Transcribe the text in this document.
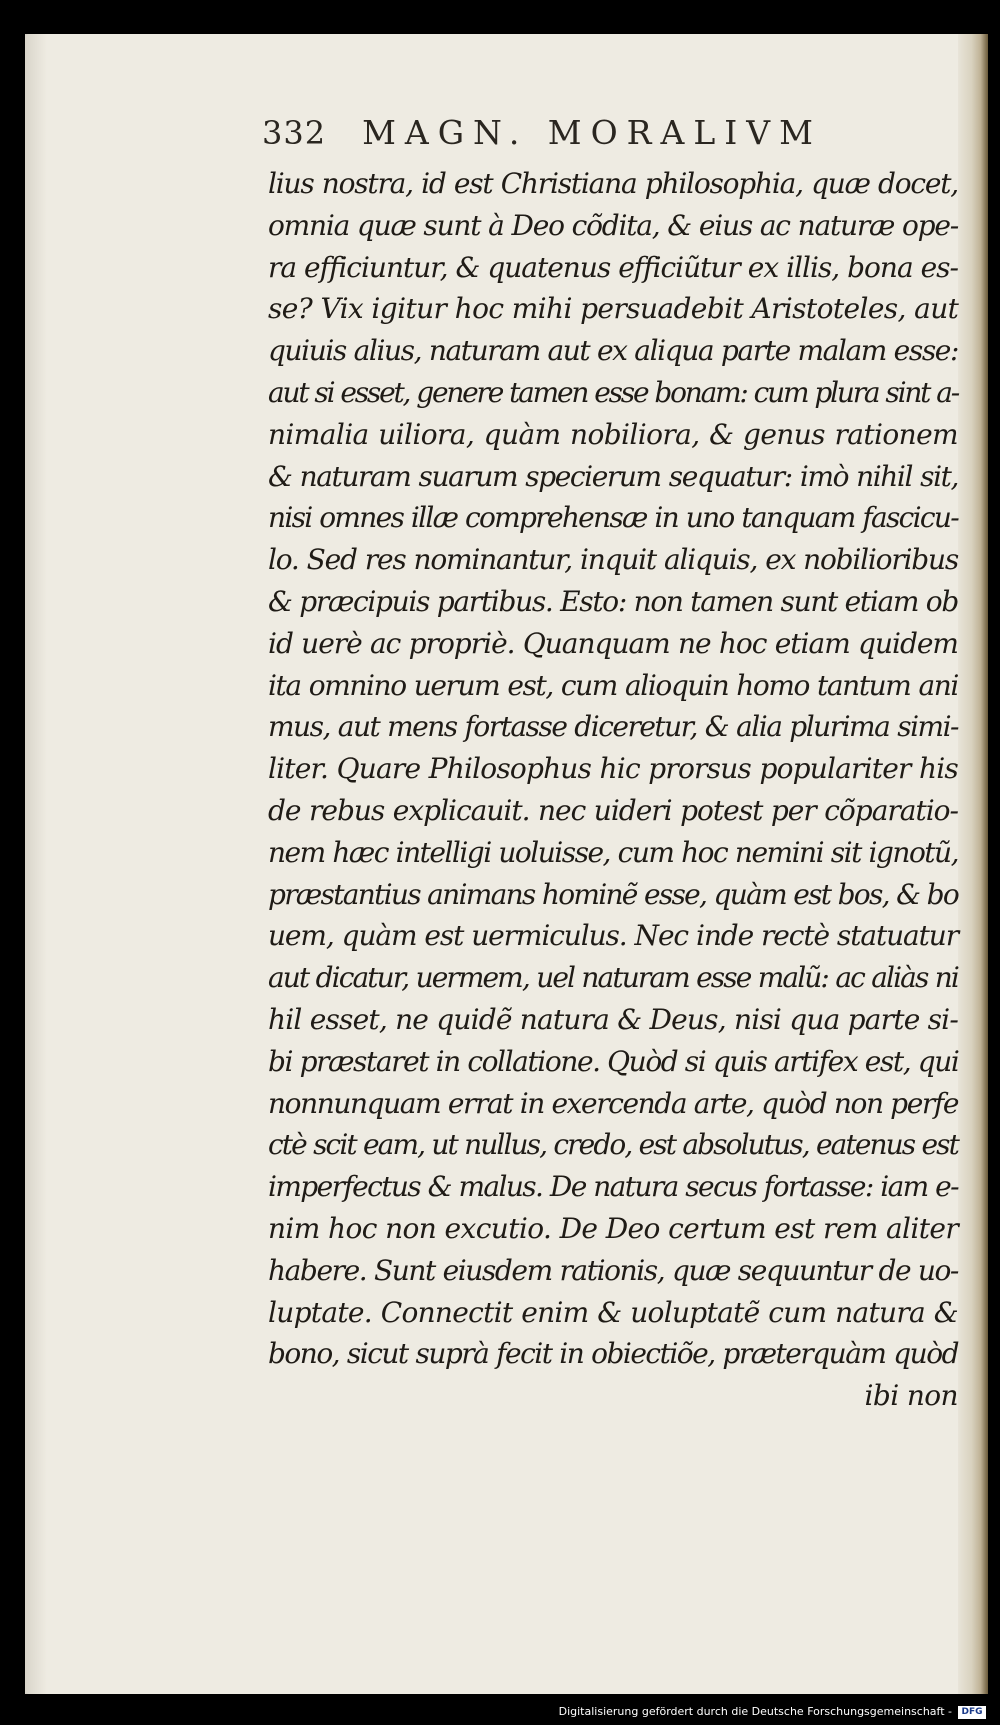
332 MAGN. MORALIVM
lius nostra, id est Christiana philosophia, quæ docet,
omnia quæ sunt à Deo cõdita, & eius ac naturæ ope-
ra efficiuntur, & quatenus efficiũtur ex illis, bona es-
se? Vix igitur hoc mihi persuadebit Aristoteles, aut
quiuis alius, naturam aut ex aliqua parte malam esse:
aut si esset, genere tamen esse bonam: cum plura sint a-
nimalia uiliora, quàm nobiliora, & genus rationem
& naturam suarum specierum sequatur: imò nihil sit,
nisi omnes illæ comprehensæ in uno tanquam fascicu-
lo. Sed res nominantur, inquit aliquis, ex nobilioribus
& præcipuis partibus. Esto: non tamen sunt etiam ob
id uerè ac propriè. Quanquam ne hoc etiam quidem
ita omnino uerum est, cum alioquin homo tantum ani
mus, aut mens fortasse diceretur, & alia plurima simi-
liter. Quare Philosophus hic prorsus populariter his
de rebus explicauit. nec uideri potest per cõparatio-
nem hæc intelligi uoluisse, cum hoc nemini sit ignotũ,
præstantius animans hominẽ esse, quàm est bos, & bo
uem, quàm est uermiculus. Nec inde rectè statuatur
aut dicatur, uermem, uel naturam esse malũ: ac aliàs ni
hil esset, ne quidẽ natura & Deus, nisi qua parte si-
bi præstaret in collatione. Quòd si quis artifex est, qui
nonnunquam errat in exercenda arte, quòd non perfe
ctè scit eam, ut nullus, credo, est absolutus, eatenus est
imperfectus & malus. De natura secus fortasse: iam e-
nim hoc non excutio. De Deo certum est rem aliter
habere. Sunt eiusdem rationis, quæ sequuntur de uo-
luptate. Connectit enim & uoluptatẽ cum natura &
bono, sicut suprà fecit in obiectiõe, præterquàm quòd
ibi non
Digitalisierung gefördert durch die Deutsche Forschungsgemeinschaft -	DFG
